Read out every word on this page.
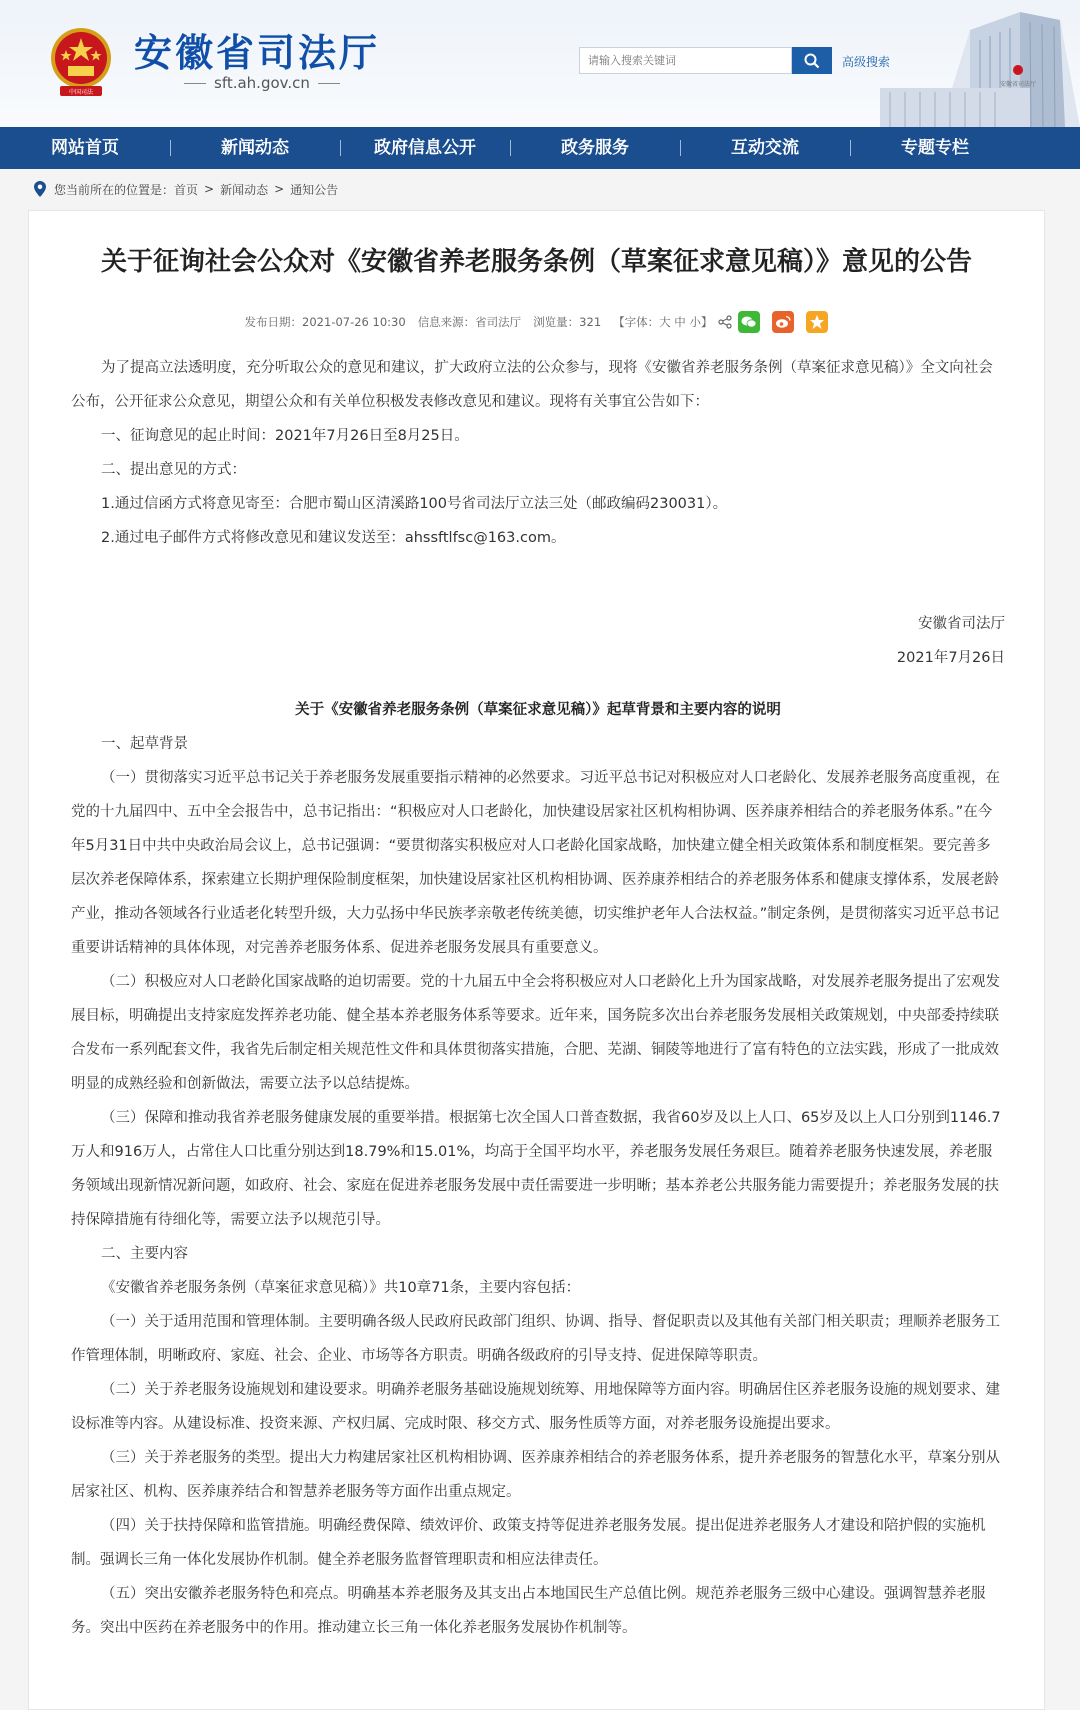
中国司法
安徽省司法厅
sft.ah.gov.cn
请输入搜索关键词
高级搜索
安徽省司法厅
网站首页	新闻动态	政府信息公开	政务服务	互动交流	专题专栏
您当前所在的位置是： 首页 > 新闻动态 > 通知公告
关于征询社会公众对《安徽省养老服务条例（草案征求意见稿）》意见的公告
发布日期：2021-07-26 10:30 信息来源：省司法厅 浏览量：321 【字体：大 中 小】

为了提高立法透明度，充分听取公众的意见和建议，扩大政府立法的公众参与，现将《安徽省养老服务条例（草案征求意见稿）》全文向社会公布，公开征求公众意见，期望公众和有关单位积极发表修改意见和建议。现将有关事宜公告如下：

一、征询意见的起止时间：2021年7月26日至8月25日。

二、提出意见的方式：

1.通过信函方式将意见寄至：合肥市蜀山区清溪路100号省司法厅立法三处（邮政编码230031）。

2.通过电子邮件方式将修改意见和建议发送至：ahssftlfsc@163.com。

安徽省司法厅

2021年7月26日

关于《安徽省养老服务条例（草案征求意见稿）》起草背景和主要内容的说明

一、起草背景

（一）贯彻落实习近平总书记关于养老服务发展重要指示精神的必然要求。习近平总书记对积极应对人口老龄化、发展养老服务高度重视，在党的十九届四中、五中全会报告中，总书记指出：“积极应对人口老龄化，加快建设居家社区机构相协调、医养康养相结合的养老服务体系。”在今年5月31日中共中央政治局会议上，总书记强调：“要贯彻落实积极应对人口老龄化国家战略，加快建立健全相关政策体系和制度框架。要完善多层次养老保障体系，探索建立长期护理保险制度框架，加快建设居家社区机构相协调、医养康养相结合的养老服务体系和健康支撑体系，发展老龄产业，推动各领域各行业适老化转型升级，大力弘扬中华民族孝亲敬老传统美德，切实维护老年人合法权益。”制定条例，是贯彻落实习近平总书记重要讲话精神的具体体现，对完善养老服务体系、促进养老服务发展具有重要意义。

（二）积极应对人口老龄化国家战略的迫切需要。党的十九届五中全会将积极应对人口老龄化上升为国家战略，对发展养老服务提出了宏观发展目标，明确提出支持家庭发挥养老功能、健全基本养老服务体系等要求。近年来，国务院多次出台养老服务发展相关政策规划，中央部委持续联合发布一系列配套文件，我省先后制定相关规范性文件和具体贯彻落实措施，合肥、芜湖、铜陵等地进行了富有特色的立法实践，形成了一批成效明显的成熟经验和创新做法，需要立法予以总结提炼。

（三）保障和推动我省养老服务健康发展的重要举措。根据第七次全国人口普查数据，我省60岁及以上人口、65岁及以上人口分别到1146.7万人和916万人，占常住人口比重分别达到18.79%和15.01%，均高于全国平均水平，养老服务发展任务艰巨。随着养老服务快速发展，养老服务领域出现新情况新问题，如政府、社会、家庭在促进养老服务发展中责任需要进一步明晰；基本养老公共服务能力需要提升；养老服务发展的扶持保障措施有待细化等，需要立法予以规范引导。

二、主要内容

《安徽省养老服务条例（草案征求意见稿）》共10章71条，主要内容包括：

（一）关于适用范围和管理体制。主要明确各级人民政府民政部门组织、协调、指导、督促职责以及其他有关部门相关职责；理顺养老服务工作管理体制，明晰政府、家庭、社会、企业、市场等各方职责。明确各级政府的引导支持、促进保障等职责。

（二）关于养老服务设施规划和建设要求。明确养老服务基础设施规划统筹、用地保障等方面内容。明确居住区养老服务设施的规划要求、建设标准等内容。从建设标准、投资来源、产权归属、完成时限、移交方式、服务性质等方面，对养老服务设施提出要求。

（三）关于养老服务的类型。提出大力构建居家社区机构相协调、医养康养相结合的养老服务体系，提升养老服务的智慧化水平，草案分别从居家社区、机构、医养康养结合和智慧养老服务等方面作出重点规定。

（四）关于扶持保障和监管措施。明确经费保障、绩效评价、政策支持等促进养老服务发展。提出促进养老服务人才建设和陪护假的实施机制。强调长三角一体化发展协作机制。健全养老服务监督管理职责和相应法律责任。

（五）突出安徽养老服务特色和亮点。明确基本养老服务及其支出占本地国民生产总值比例。规范养老服务三级中心建设。强调智慧养老服务。突出中医药在养老服务中的作用。推动建立长三角一体化养老服务发展协作机制等。
